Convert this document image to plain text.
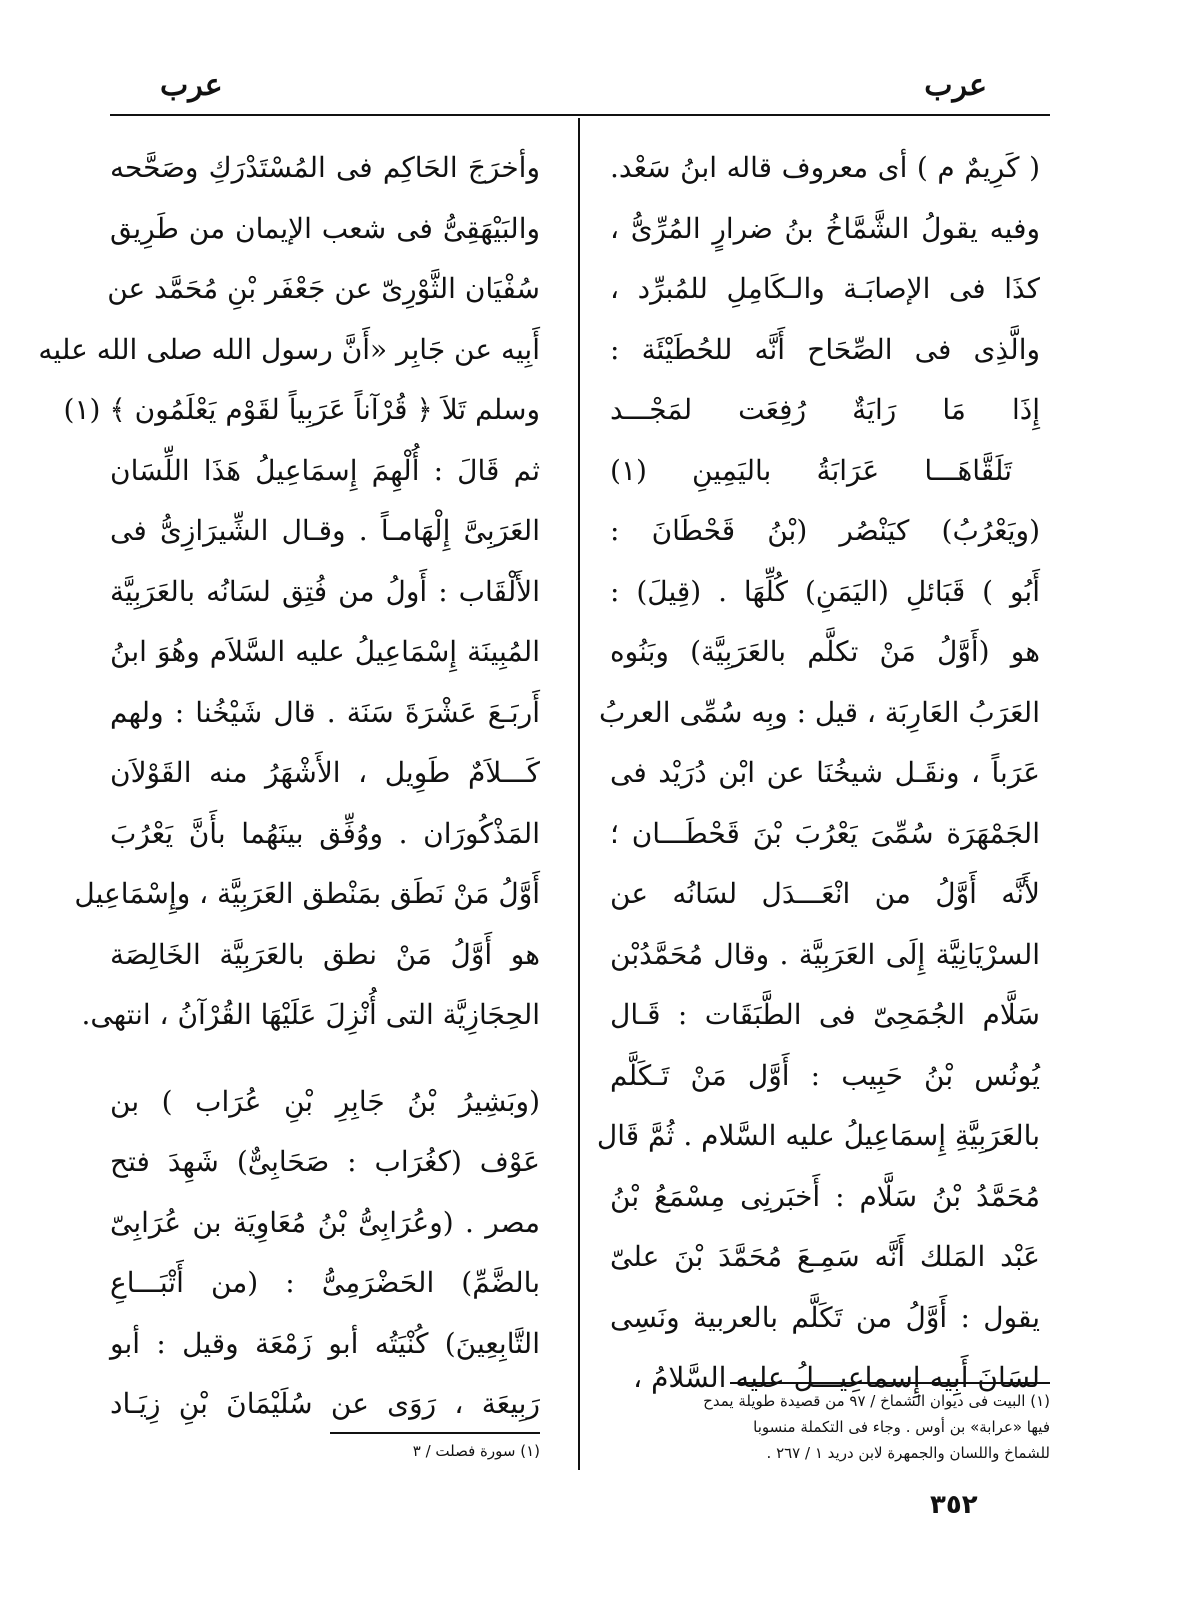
عرب
عرب
( كَرِيمٌ م ) أى معروف قاله ابنُ سَعْد.
وفيه يقولُ الشَّمَّاخُ بنُ ضرارٍ المُرِّىُّ ،
كذَا فى الإصابَـة والـكَامِلِ للمُبرِّد ،
والَّذِى فى الصِّحَاح أَنَّه للحُطَيْئَة :
إِذَا مَا رَايَةٌ رُفِعَت لمَجْـــد
تَلَقَّاهَـــا عَرَابَةُ باليَمِينِ (١)
(ويَعْرُبُ) كيَنْصُر (بْنُ قَحْطَانَ :
أَبُو ) قَبَائلِ (اليَمَنِ) كُلِّهَا . (قِيلَ) :
هو (أَوَّلُ مَنْ تكلَّم بالعَرَبِيَّة) وبَنُوه
العَرَبُ العَارِبَة ، قيل : وبِه سُمِّى العربُ
عَرَباً ، ونقَـل شيخُنَا عن ابْن دُرَيْد فى
الجَمْهَرَة سُمِّىَ يَعْرُبَ بْنَ قَحْطَـــان ؛
لأَنَّه أَوَّلُ من انْعَـــدَل لسَانُه عن
السرْيَانِيَّة إِلَى العَرَبِيَّة . وقال مُحَمَّدُبْن
سَلَّام الجُمَحِىّ فى الطَّبَقَات : قَـال
يُونُس بْنُ حَبِيب : أَوَّل مَنْ تَـكَلَّم
بالعَرَبِيَّةِ إِسمَاعِيلُ عليه السَّلام . ثُمَّ قَال
مُحَمَّدُ بْنُ سَلَّام : أَخبَرنِى مِسْمَعُ بْنُ
عَبْد المَلك أَنَّه سَمِـعَ مُحَمَّدَ بْنَ علىّ
يقول : أَوَّلُ من تَكَلَّم بالعربية ونَسِى
لسَانَ أَبِيه إِسماعِيـــلُ عليه السَّلامُ ،
وأخرَجَ الحَاكِم فى المُسْتَدْرَكِ وصَحَّحه
والبَيْهَقِىُّ فى شعب الإيمان من طَرِيق
سُفْيَان الثَّوْرِىّ عن جَعْفَر بْنِ مُحَمَّد عن
أَبِيه عن جَابِر «أَنَّ رسول الله صلى الله عليه
وسلم تَلاَ ﴿ قُرْآناً عَرَبِياً لقَوْم يَعْلَمُون ﴾ (١)
ثم قَالَ : أُلْهِمَ إِسمَاعِيلُ هَذَا اللِّسَان
العَرَبِىَّ إِلْهَامـاً . وقـال الشِّيرَازِىُّ فى
الأَلْقَاب : أَولُ من فُتِق لسَانُه بالعَرَبِيَّة
المُبِينَة إِسْمَاعِيلُ عليه السَّلاَم وهُوَ ابنُ
أَربَـعَ عَشْرَةَ سَنَة . قال شَيْخُنا : ولهم
كَـــلاَمٌ طَوِيل ، الأَشْهَرُ منه القَوْلاَن
المَذْكُورَان . ووُفِّق بينَهُما بأَنَّ يَعْرُبَ
أَوَّلُ مَنْ نَطَق بمَنْطق العَرَبِيَّة ، وإِسْمَاعِيل
هو أَوَّلُ مَنْ نطق بالعَرَبِيَّة الخَالِصَة
الحِجَازِيَّة التى أُنْزِلَ عَلَيْهَا القُرْآنُ ، انتهى.
(وبَشِيرُ بْنُ جَابِرِ بْنِ عُرَاب ) بن
عَوْف (كغُرَاب : صَحَابِىٌّ) شَهِدَ فتح
مصر . (وعُرَابِىُّ بْنُ مُعَاوِيَة بن عُرَابِىّ
بالضَّمِّ) الحَضْرَمِىُّ : (من أَتْبَـــاعِ
التَّابِعِينَ) كُنْيَتُه أبو زَمْعَة وقيل : أبو
رَبِيعَة ، رَوَى عن سُلَيْمَانَ بْنِ زِيَـاد	(١) البيت فى ديوان الشماخ / ٩٧ من قصيدة طويلة يمدح
فيها «عرابة» بن أوس . وجاء فى التكملة منسوبا
للشماخ واللسان والجمهرة لابن دريد ١ / ٢٦٧ .
(١) سورة فصلت / ٣
٣٥٢
